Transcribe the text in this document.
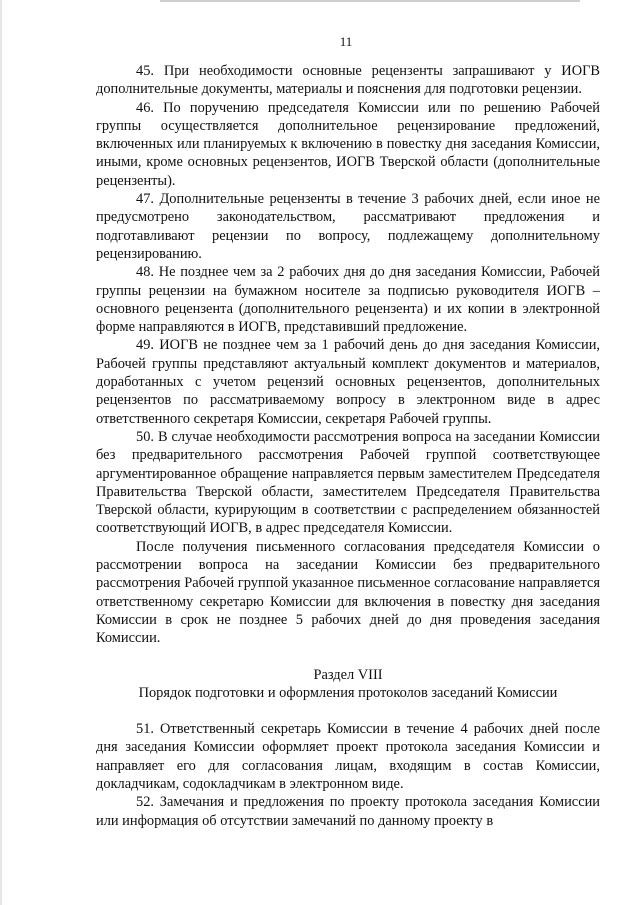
11

45. При необходимости основные рецензенты запрашивают у ИОГВ дополнительные документы, материалы и пояснения для подготовки рецензии.

46. По поручению председателя Комиссии или по решению Рабочей группы осуществляется дополнительное рецензирование предложений, включенных или планируемых к включению в повестку дня заседания Комиссии, иными, кроме основных рецензентов, ИОГВ Тверской области (дополнительные рецензенты).

47. Дополнительные рецензенты в течение 3 рабочих дней, если иное не предусмотрено законодательством, рассматривают предложения и подготавливают рецензии по вопросу, подлежащему дополнительному рецензированию.

48. Не позднее чем за 2 рабочих дня до дня заседания Комиссии, Рабочей группы рецензии на бумажном носителе за подписью руководителя ИОГВ – основного рецензента (дополнительного рецензента) и их копии в электронной форме направляются в ИОГВ, представивший предложение.

49. ИОГВ не позднее чем за 1 рабочий день до дня заседания Комиссии, Рабочей группы представляют актуальный комплект документов и материалов, доработанных с учетом рецензий основных рецензентов, дополнительных рецензентов по рассматриваемому вопросу в электронном виде в адрес ответственного секретаря Комиссии, секретаря Рабочей группы.

50. В случае необходимости рассмотрения вопроса на заседании Комиссии без предварительного рассмотрения Рабочей группой соответствующее аргументированное обращение направляется первым заместителем Председателя Правительства Тверской области, заместителем Председателя Правительства Тверской области, курирующим в соответствии с распределением обязанностей соответствующий ИОГВ, в адрес председателя Комиссии.

После получения письменного согласования председателя Комиссии о рассмотрении вопроса на заседании Комиссии без предварительного рассмотрения Рабочей группой указанное письменное согласование направляется ответственному секретарю Комиссии для включения в повестку дня заседания Комиссии в срок не позднее 5 рабочих дней до дня проведения заседания Комиссии.

Раздел VIII

Порядок подготовки и оформления протоколов заседаний Комиссии

51. Ответственный секретарь Комиссии в течение 4 рабочих дней после дня заседания Комиссии оформляет проект протокола заседания Комиссии и направляет его для согласования лицам, входящим в состав Комиссии, докладчикам, содокладчикам в электронном виде.

52. Замечания и предложения по проекту протокола заседания Комиссии или информация об отсутствии замечаний по данному проекту в
